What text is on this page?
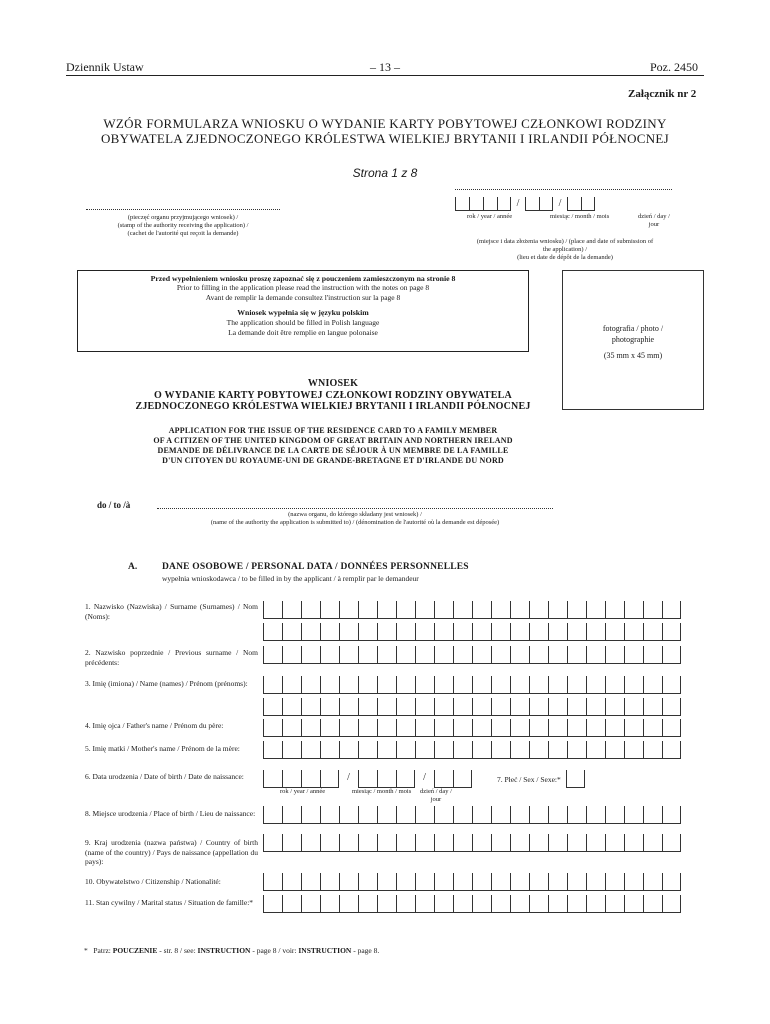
Dziennik Ustaw	– 13 –	Poz. 2450
Załącznik nr 2
WZÓR FORMULARZA WNIOSKU O WYDANIE KARTY POBYTOWEJ CZŁONKOWI RODZINY
OBYWATELA ZJEDNOCZONEGO KRÓLESTWA WIELKIEJ BRYTANII I IRLANDII PÓŁNOCNEJ
Strona 1 z 8
(pieczęć organu przyjmującego wniosek) /
(stamp of the authority receiving the application) /
(cachet de l'autorité qui reçoit la demande)
/	/
rok / year / année	miesiąc / month / mois	dzień / day / jour
(miejsce i data złożenia wniosku) / (place and date of submission of
the application) /
(lieu et date de dépôt de la demande)
Przed wypełnieniem wniosku proszę zapoznać się z pouczeniem zamieszczonym na stronie 8
Prior to filling in the application please read the instruction with the notes on page 8
Avant de remplir la demande consultez l'instruction sur la page 8
Wniosek wypełnia się w języku polskim
The application should be filled in Polish language
La demande doit être remplie en langue polonaise	fotografia / photo /
photographie
(35 mm x 45 mm)
WNIOSEK
O WYDANIE KARTY POBYTOWEJ CZŁONKOWI RODZINY OBYWATELA
ZJEDNOCZONEGO KRÓLESTWA WIELKIEJ BRYTANII I IRLANDII PÓŁNOCNEJ
APPLICATION FOR THE ISSUE OF THE RESIDENCE CARD TO A FAMILY MEMBER
OF A CITIZEN OF THE UNITED KINGDOM OF GREAT BRITAIN AND NORTHERN IRELAND
DEMANDE DE DÉLIVRANCE DE LA CARTE DE SÉJOUR À UN MEMBRE DE LA FAMILLE
D'UN CITOYEN DU ROYAUME-UNI DE GRANDE-BRETAGNE ET D'IRLANDE DU NORD
do / to /à
(nazwa organu, do którego składany jest wniosek) /
(name of the authority the application is submitted to) / (dénomination de l'autorité où la demande est déposée)
A.	DANE OSOBOWE / PERSONAL DATA / DONNÉES PERSONNELLES
wypełnia wnioskodawca / to be filled in by the applicant / à remplir par le demandeur
1. Nazwisko (Nazwiska) / Surname (Surnames) / Nom (Noms):
2. Nazwisko poprzednie / Previous surname / Nom précédents:
3. Imię (imiona) / Name (names) / Prénom (prénoms):
4. Imię ojca / Father's name / Prénom du père:
5. Imię matki / Mother's name / Prénom de la mère:
6. Data urodzenia / Date of birth / Date de naissance:
8. Miejsce urodzenia / Place of birth / Lieu de naissance:
9. Kraj urodzenia (nazwa państwa) / Country of birth (name of the country) / Pays de naissance (appellation du pays):
10. Obywatelstwo / Citizenship / Nationalité:
11. Stan cywilny / Marital status / Situation de famille:*
/	/
rok / year / année	miesiąc / month / mois	dzień / day / jour
7. Płeć / Sex / Sexe:*
* Patrz: POUCZENIE - str. 8 / see: INSTRUCTION - page 8 / voir: INSTRUCTION - page 8.
